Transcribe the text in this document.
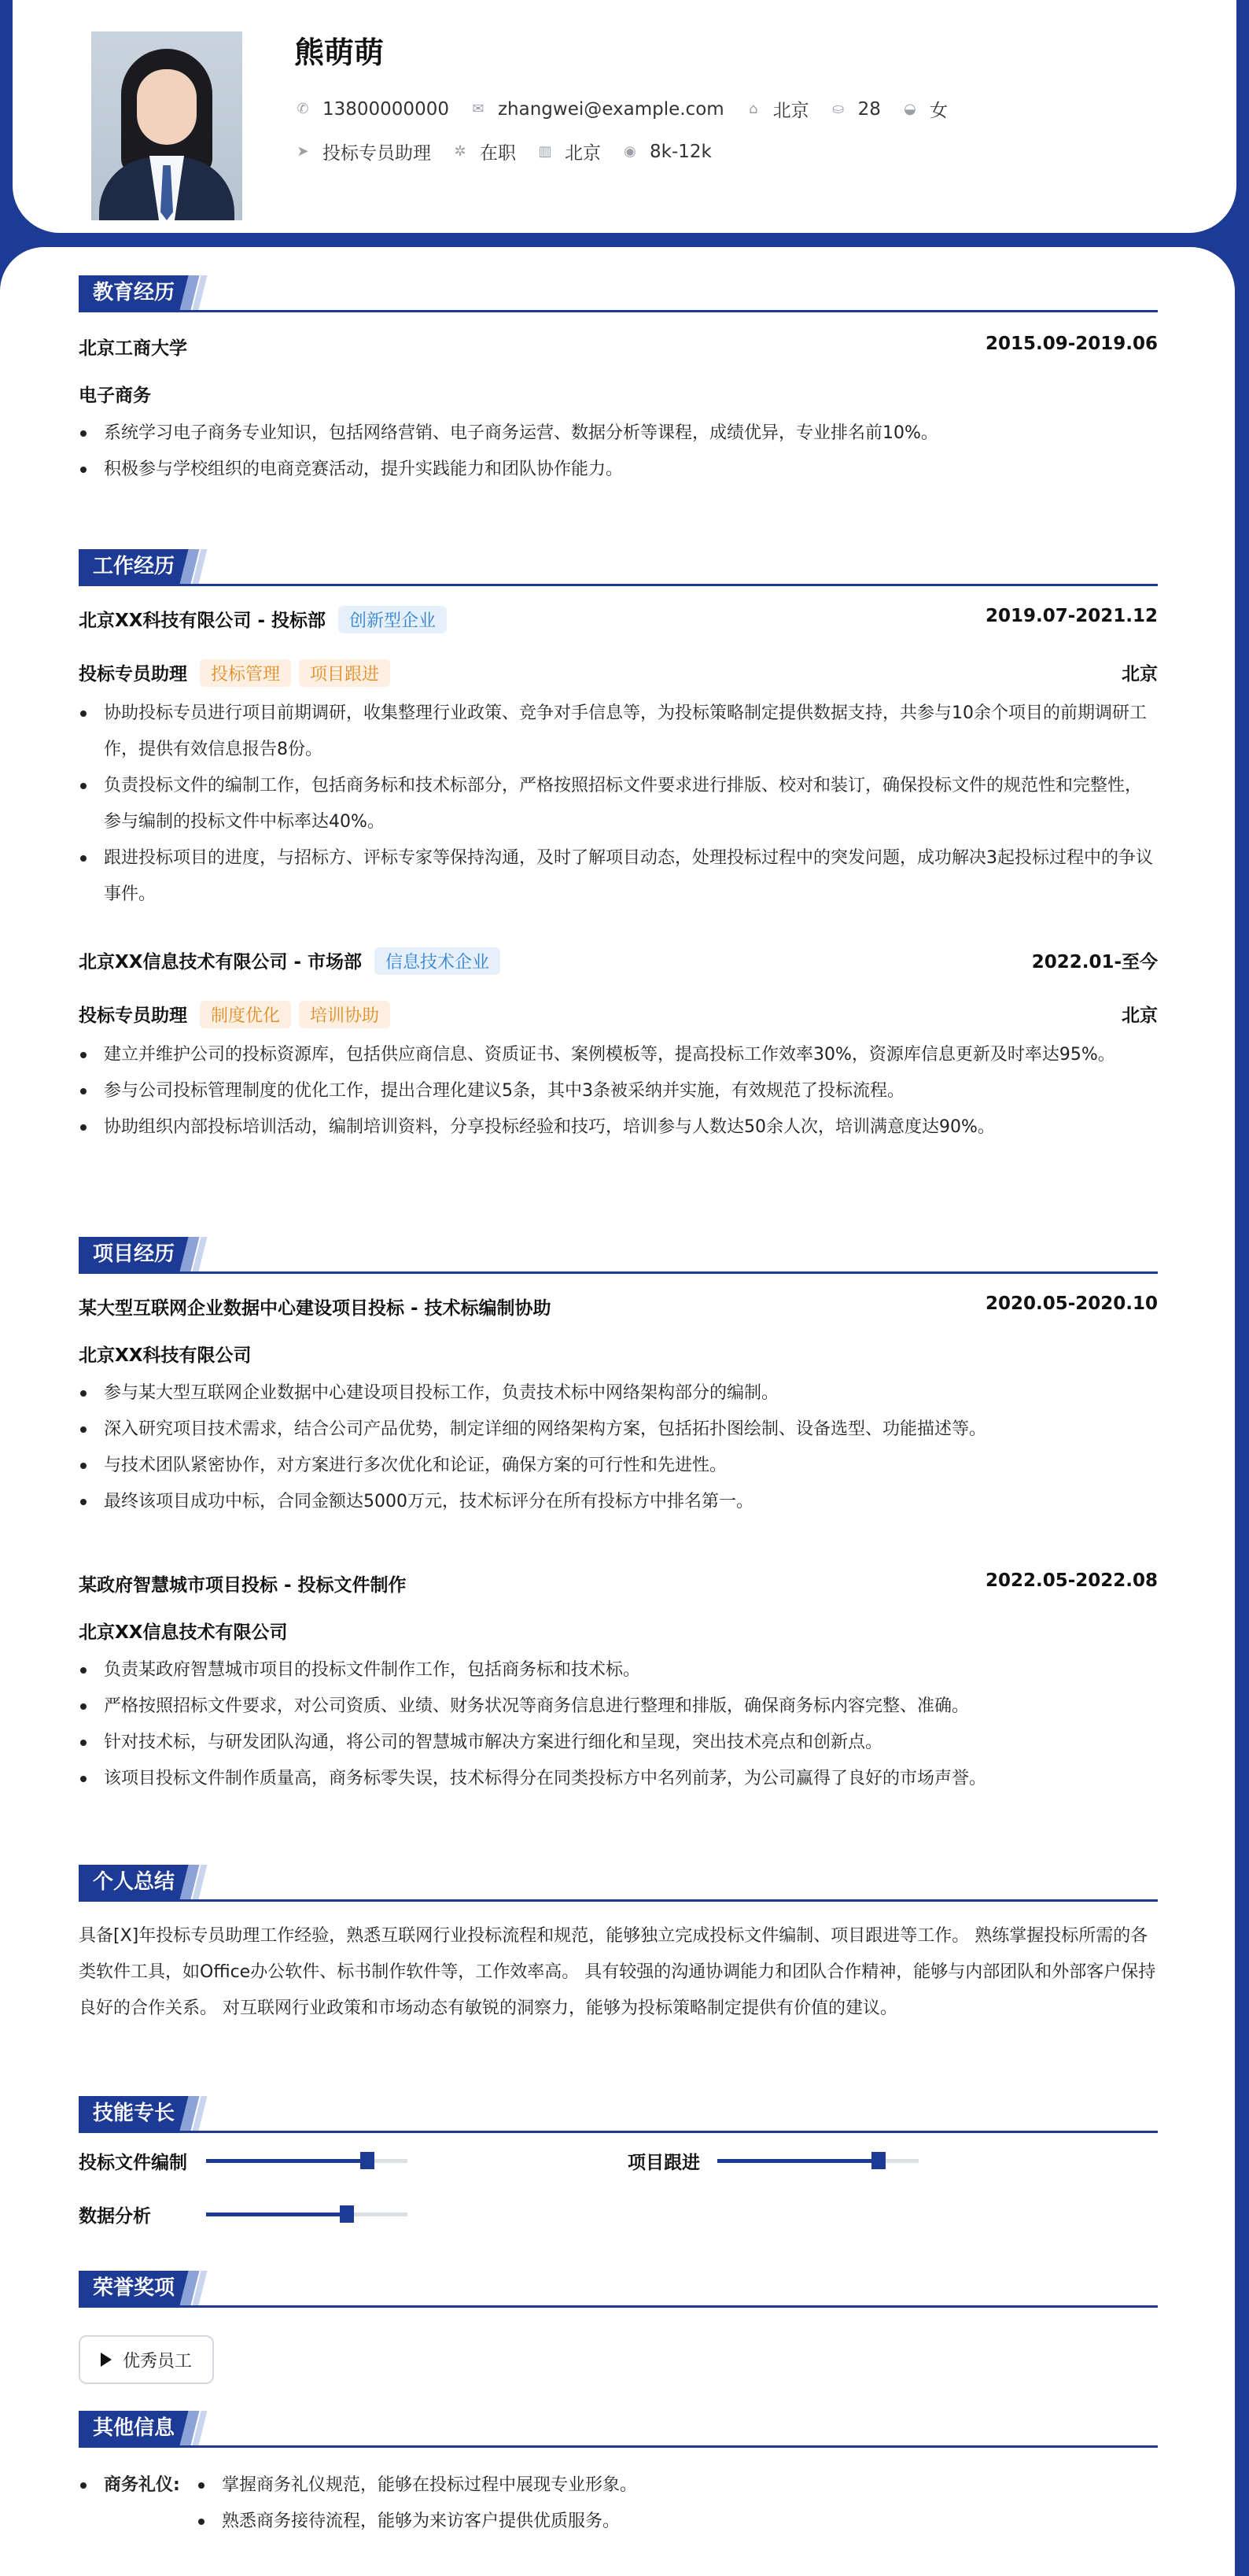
熊萌萌
✆ 13800000000 ✉ zhangwei@example.com ⌂ 北京 ⛀ 28 ◒ 女
➤ 投标专员助理 ✲ 在职 ▥ 北京 ◉ 8k-12k
教育经历
北京工商大学	2015.09-2019.06
电子商务
系统学习电子商务专业知识，包括网络营销、电子商务运营、数据分析等课程，成绩优异，专业排名前10%。
积极参与学校组织的电商竞赛活动，提升实践能力和团队协作能力。
工作经历
北京XX科技有限公司 - 投标部 创新型企业	2019.07-2021.12
投标专员助理 投标管理 项目跟进	北京
协助投标专员进行项目前期调研，收集整理行业政策、竞争对手信息等，为投标策略制定提供数据支持，共参与10余个项目的前期调研工作，提供有效信息报告8份。
负责投标文件的编制工作，包括商务标和技术标部分，严格按照招标文件要求进行排版、校对和装订，确保投标文件的规范性和完整性，参与编制的投标文件中标率达40%。
跟进投标项目的进度，与招标方、评标专家等保持沟通，及时了解项目动态，处理投标过程中的突发问题，成功解决3起投标过程中的争议事件。
北京XX信息技术有限公司 - 市场部 信息技术企业	2022.01-至今
投标专员助理 制度优化 培训协助	北京
建立并维护公司的投标资源库，包括供应商信息、资质证书、案例模板等，提高投标工作效率30%，资源库信息更新及时率达95%。
参与公司投标管理制度的优化工作，提出合理化建议5条，其中3条被采纳并实施，有效规范了投标流程。
协助组织内部投标培训活动，编制培训资料，分享投标经验和技巧，培训参与人数达50余人次，培训满意度达90%。
项目经历
某大型互联网企业数据中心建设项目投标 - 技术标编制协助	2020.05-2020.10
北京XX科技有限公司
参与某大型互联网企业数据中心建设项目投标工作，负责技术标中网络架构部分的编制。
深入研究项目技术需求，结合公司产品优势，制定详细的网络架构方案，包括拓扑图绘制、设备选型、功能描述等。
与技术团队紧密协作，对方案进行多次优化和论证，确保方案的可行性和先进性。
最终该项目成功中标，合同金额达5000万元，技术标评分在所有投标方中排名第一。
某政府智慧城市项目投标 - 投标文件制作	2022.05-2022.08
北京XX信息技术有限公司
负责某政府智慧城市项目的投标文件制作工作，包括商务标和技术标。
严格按照招标文件要求，对公司资质、业绩、财务状况等商务信息进行整理和排版，确保商务标内容完整、准确。
针对技术标，与研发团队沟通，将公司的智慧城市解决方案进行细化和呈现，突出技术亮点和创新点。
该项目投标文件制作质量高，商务标零失误，技术标得分在同类投标方中名列前茅，为公司赢得了良好的市场声誉。
个人总结

具备[X]年投标专员助理工作经验，熟悉互联网行业投标流程和规范，能够独立完成投标文件编制、项目跟进等工作。 熟练掌握投标所需的各类软件工具，如Office办公软件、标书制作软件等，工作效率高。 具有较强的沟通协调能力和团队合作精神，能够与内部团队和外部客户保持良好的合作关系。 对互联网行业政策和市场动态有敏锐的洞察力，能够为投标策略制定提供有价值的建议。

技能专长
投标文件编制	项目跟进
数据分析
荣誉奖项
优秀员工
其他信息
商务礼仪:	掌握商务礼仪规范，能够在投标过程中展现专业形象。
熟悉商务接待流程，能够为来访客户提供优质服务。
